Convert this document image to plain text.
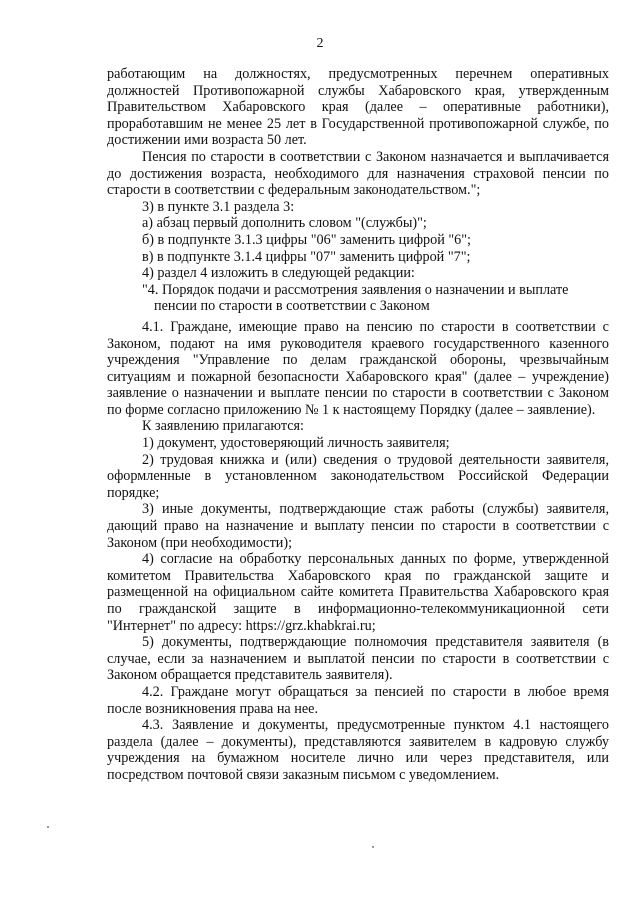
2

работающим на должностях, предусмотренных перечнем оперативных должностей Противопожарной службы Хабаровского края, утвержденным Правительством Хабаровского края (далее – оперативные работники), проработавшим не менее 25 лет в Государственной противопожарной службе, по достижении ими возраста 50 лет.

Пенсия по старости в соответствии с Законом назначается и выплачивается до достижения возраста, необходимого для назначения страховой пенсии по старости в соответствии с федеральным законодательством.";

3) в пункте 3.1 раздела 3:

а) абзац первый дополнить словом "(службы)";

б) в подпункте 3.1.3 цифры "06" заменить цифрой "6";

в) в подпункте 3.1.4 цифры "07" заменить цифрой "7";

4) раздел 4 изложить в следующей редакции:

"4. Порядок подачи и рассмотрения заявления о назначении и выплате
пенсии по старости в соответствии с Законом

4.1. Граждане, имеющие право на пенсию по старости в соответствии с Законом, подают на имя руководителя краевого государственного казенного учреждения "Управление по делам гражданской обороны, чрезвычайным ситуациям и пожарной безопасности Хабаровского края" (далее – учреждение) заявление о назначении и выплате пенсии по старости в соответствии с Законом по форме согласно приложению № 1 к настоящему Порядку (далее – заявление).

К заявлению прилагаются:

1) документ, удостоверяющий личность заявителя;

2) трудовая книжка и (или) сведения о трудовой деятельности заявителя, оформленные в установленном законодательством Российской Федерации порядке;

3) иные документы, подтверждающие стаж работы (службы) заявителя, дающий право на назначение и выплату пенсии по старости в соответствии с Законом (при необходимости);

4) согласие на обработку персональных данных по форме, утвержденной комитетом Правительства Хабаровского края по гражданской защите и размещенной на официальном сайте комитета Правительства Хабаровского края по гражданской защите в информационно-телекоммуникационной сети "Интернет" по адресу: https://grz.khabkrai.ru;

5) документы, подтверждающие полномочия представителя заявителя (в случае, если за назначением и выплатой пенсии по старости в соответствии с Законом обращается представитель заявителя).

4.2. Граждане могут обращаться за пенсией по старости в любое время после возникновения права на нее.

4.3. Заявление и документы, предусмотренные пунктом 4.1 настоящего раздела (далее – документы), представляются заявителем в кадровую службу учреждения на бумажном носителе лично или через представителя, или посредством почтовой связи заказным письмом с уведомлением.
